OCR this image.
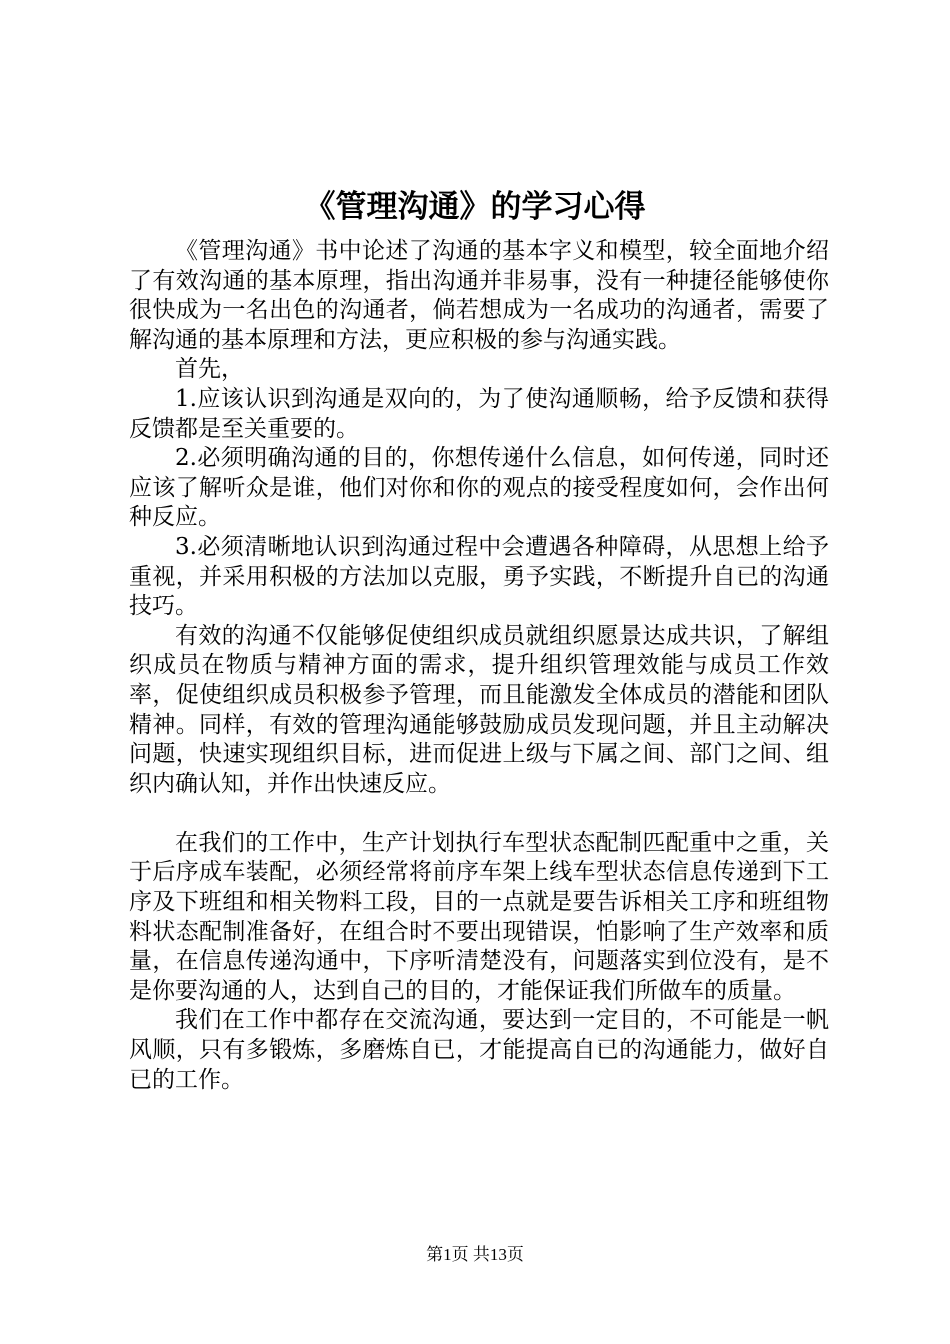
《管理沟通》的学习心得

《管理沟通》书中论述了沟通的基本字义和模型，较全面地介绍了有效沟通的基本原理，指出沟通并非易事，没有一种捷径能够使你很快成为一名出色的沟通者，倘若想成为一名成功的沟通者，需要了解沟通的基本原理和方法，更应积极的参与沟通实践。

首先，

1.应该认识到沟通是双向的，为了使沟通顺畅，给予反馈和获得反馈都是至关重要的。

2.必须明确沟通的目的，你想传递什么信息，如何传递，同时还应该了解听众是谁，他们对你和你的观点的接受程度如何，会作出何种反应。

3.必须清晰地认识到沟通过程中会遭遇各种障碍，从思想上给予重视，并采用积极的方法加以克服，勇予实践，不断提升自已的沟通技巧。

有效的沟通不仅能够促使组织成员就组织愿景达成共识，了解组织成员在物质与精神方面的需求，提升组织管理效能与成员工作效率，促使组织成员积极参予管理，而且能激发全体成员的潜能和团队精神。同样，有效的管理沟通能够鼓励成员发现问题，并且主动解决问题，快速实现组织目标，进而促进上级与下属之间、部门之间、组织内确认知，并作出快速反应。

在我们的工作中，生产计划执行车型状态配制匹配重中之重，关于后序成车装配，必须经常将前序车架上线车型状态信息传递到下工序及下班组和相关物料工段，目的一点就是要告诉相关工序和班组物料状态配制准备好，在组合时不要出现错误，怕影响了生产效率和质量，在信息传递沟通中，下序听清楚没有，问题落实到位没有，是不是你要沟通的人，达到自己的目的，才能保证我们所做车的质量。

我们在工作中都存在交流沟通，要达到一定目的，不可能是一帆风顺，只有多锻炼，多磨炼自已，才能提高自已的沟通能力，做好自已的工作。

第1页 共13页
